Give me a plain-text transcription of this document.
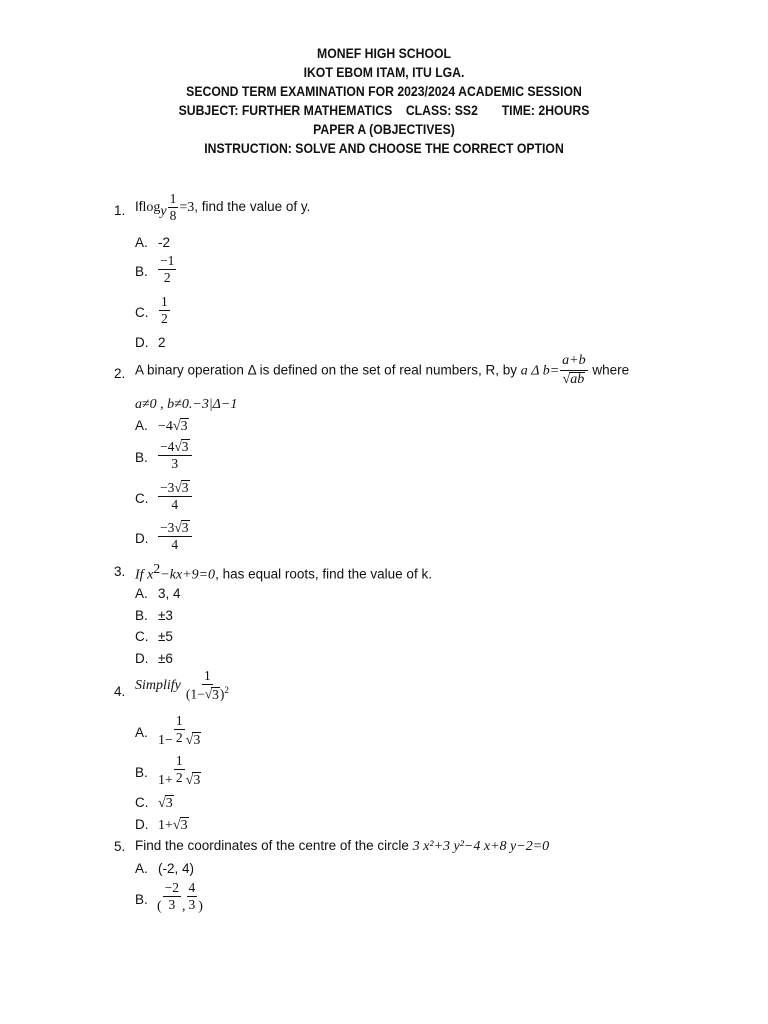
MONEF HIGH SCHOOL
IKOT EBOM ITAM, ITU LGA.
SECOND TERM EXAMINATION FOR 2023/2024 ACADEMIC SESSION
SUBJECT: FURTHER MATHEMATICS    CLASS: SS2       TIME: 2HOURS
PAPER A (OBJECTIVES)
INSTRUCTION: SOLVE AND CHOOSE THE CORRECT OPTION
1. $Iflog_y \frac{1}{8} =3$, find the value of y.
A. -2
B. $\frac{-1}{2}$
C. $\frac{1}{2}$
D. 2
2. A binary operation Δ is defined on the set of real numbers, R, by a Δ $b= \frac{a+b}{√ab}$ where
a≠0 , b≠0.−3|Δ−1
A. −4√3
B. $\frac{-4√3}{3}$
C. $\frac{-3√3}{4}$
D. $\frac{-3√3}{4}$
3. If $x^2-kx+9=0$, has equal roots, find the value of k.
A. 3, 4
B. ±3
C. ±5
D. ±6
4. Simplify $\frac{1}{(1-√3)^2}$
A.
$1- \frac{1}{2} √3$
B.
$1+ \frac{1}{2} √3$
C. √3
D. 1+√3
5. Find the coordinates of the centre of the circle 3 x²+3 y²−4 x+8 y−2=0
A. (-2, 4)
B. ( $\frac{-2}{3}$ , $\frac{4}{3}$ )
